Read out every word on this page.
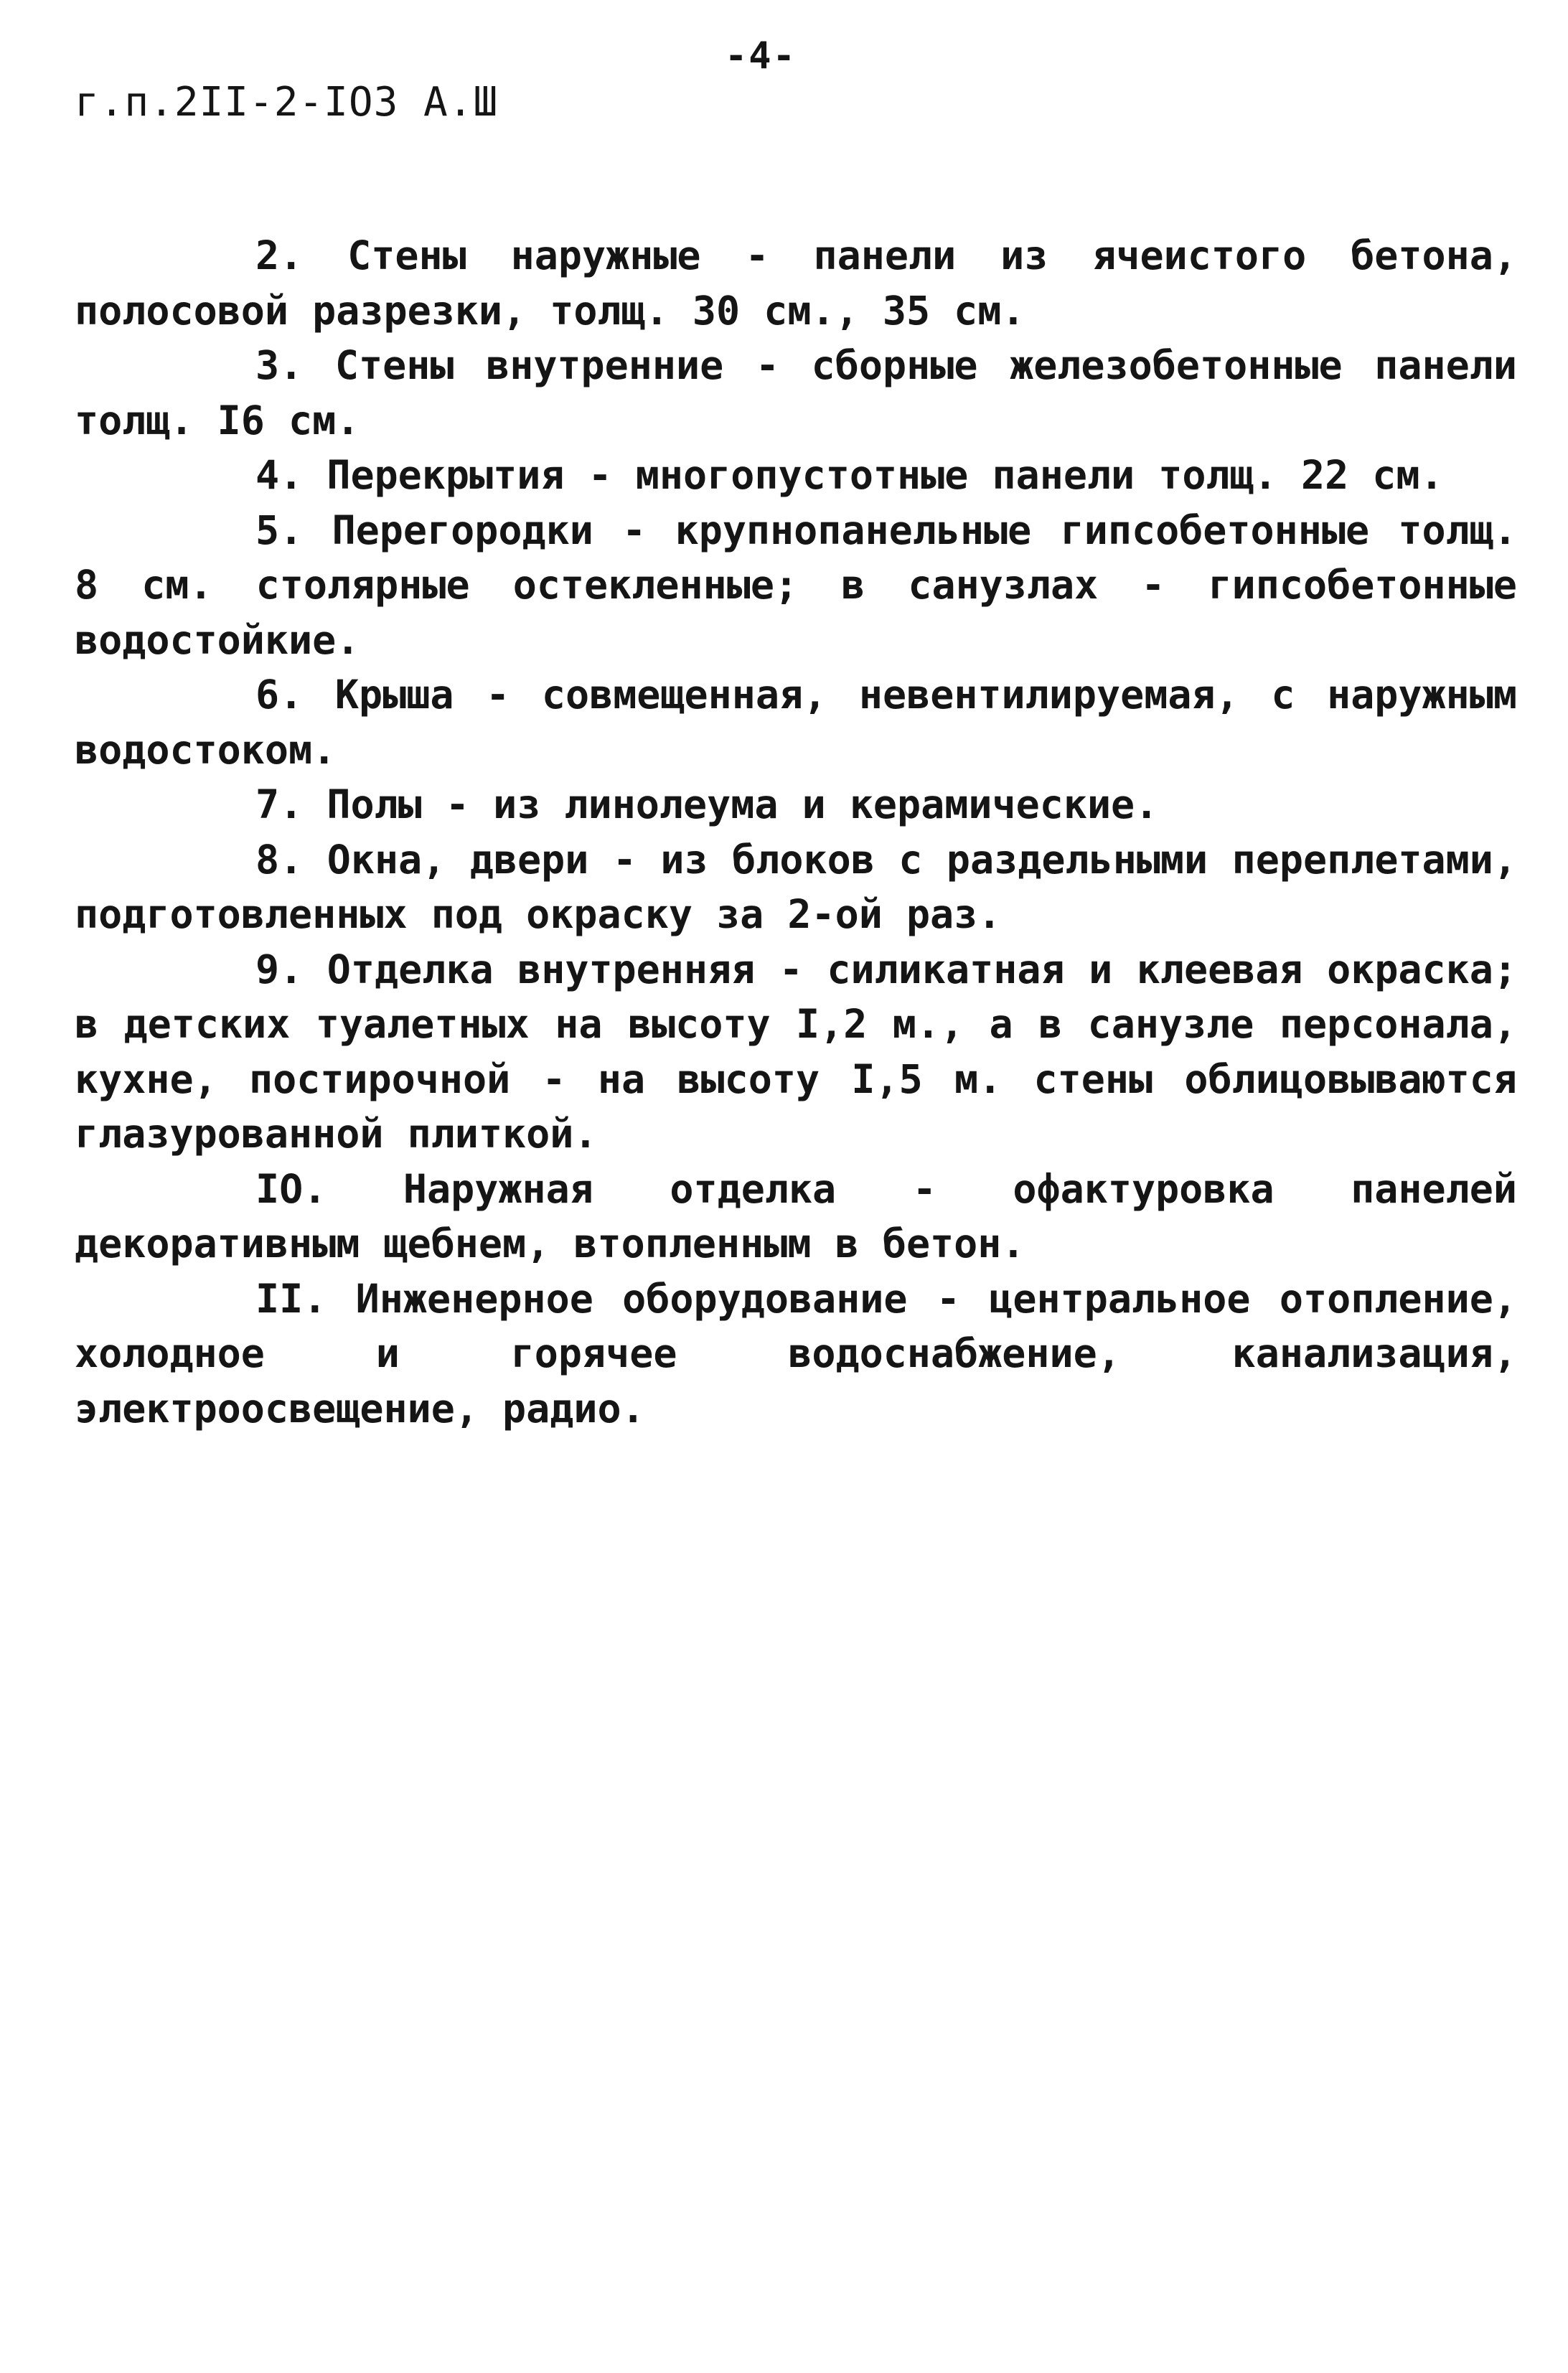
-4-
г.п.2II-2-IO3 А.Ш

2. Стены наружные - панели из ячеистого бетона, полосовой разрезки, толщ. 30 см., 35 см.

3. Стены внутренние - сборные железобетонные панели толщ. I6 см.

4. Перекрытия - многопустотные панели толщ. 22 см.

5. Перегородки - крупнопанельные гипсобетонные толщ. 8 см. столярные остекленные; в санузлах - гипсобетонные водостойкие.

6. Крыша - совмещенная, невентилируемая, с наружным водостоком.

7. Полы - из линолеума и керамические.

8. Окна, двери - из блоков с раздельными переплетами, подготовленных под окраску за 2-ой раз.

9. Отделка внутренняя - силикатная и клеевая окраска; в детских туалетных на высоту I,2 м., а в санузле персонала, кухне, постирочной - на высоту I,5 м. стены облицовываются глазурованной плиткой.

IO. Наружная отделка - офактуровка панелей декоративным щебнем, втопленным в бетон.

II. Инженерное оборудование - центральное отопление, холодное и горячее водоснабжение, канализация, электроосвещение, радио.
